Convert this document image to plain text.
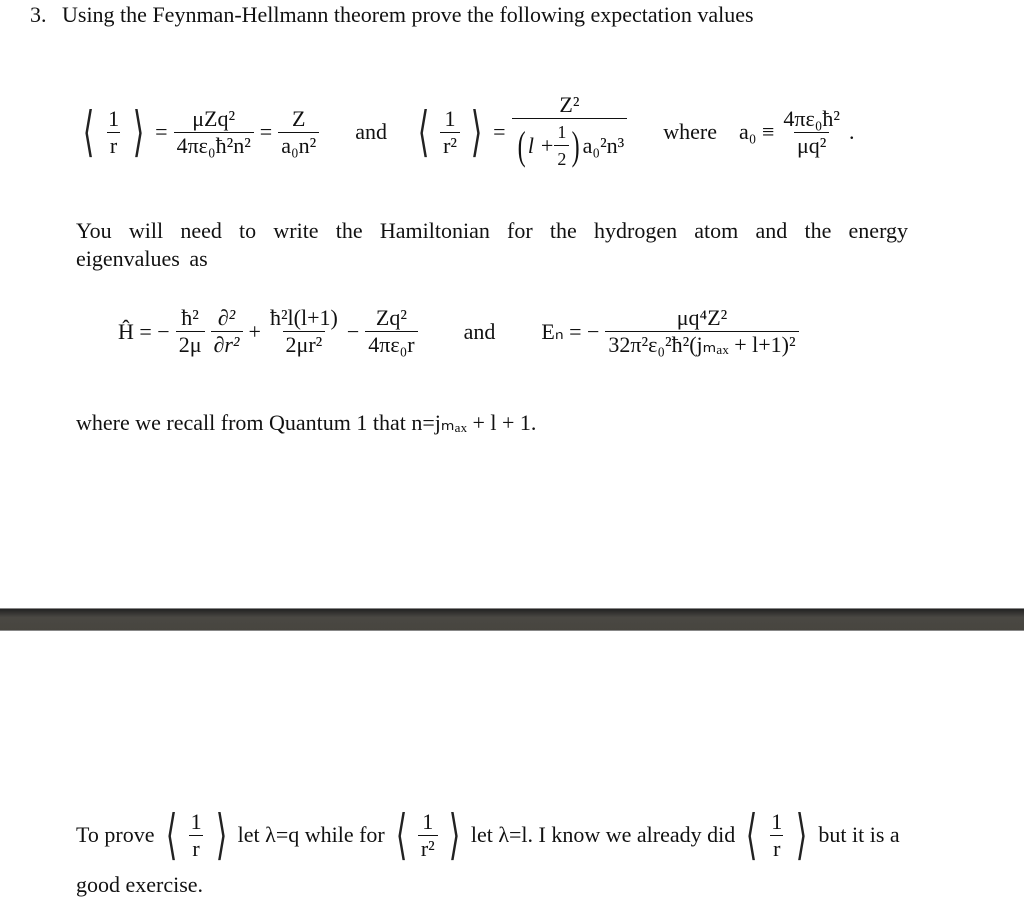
3. Using the Feynman-Hellmann theorem prove the following expectation values
⟨ $\frac{1}{r}$ ⟩ = $\frac{\text{μZq²}}{\text{4πε₀ħ²n²}} = \frac{Z}{\text{a₀n²}}$ and ⟨ $\frac{1}{\text{r²}}$ ⟩ = $\frac{\text{Z²}}{( l + \frac{1}{2} ) a_0^2n^3}$ where $a_0 \equiv \frac{\text{4πε₀ħ²}}{\text{μq²}}$ .
You will need to write the Hamiltonian for the hydrogen atom and the energy eigenvalues as
Ĥ = − $\frac{\text{ħ²}}{2\mu} \frac{\text{∂²}}{\text{∂r²}} + \frac{\text{ħ²l(l+1)}}{\text{2μr²}} - \frac{\text{Zq²}}{\text{4πε₀r}}$ and Eₙ = − $\frac{\text{μq⁴Z²}}{\text{32π²ε₀²ħ²(jₘₐₓ + l+1)²}}$
where we recall from Quantum 1 that n=jₘₐₓ + l + 1.
To prove ⟨ $\frac{1}{r}$ ⟩ let λ=q while for ⟨ $\frac{1}{\text{r²}}$ ⟩ let λ=l. I know we already did ⟨ $\frac{1}{r}$ ⟩ but it is a
good exercise.
